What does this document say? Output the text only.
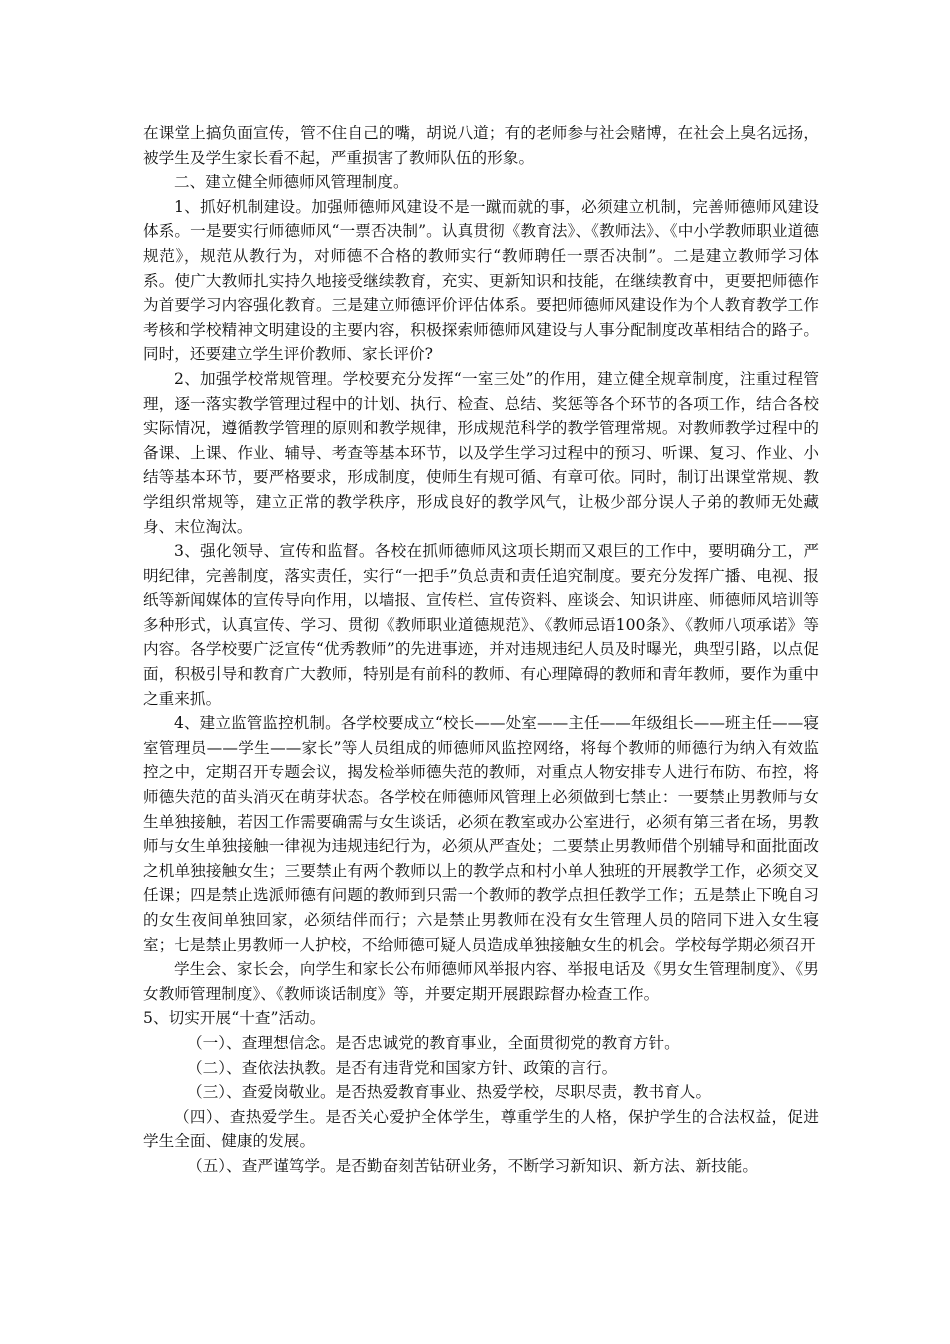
在课堂上搞负面宣传，管不住自己的嘴，胡说八道；有的老师参与社会赌博，在社会上臭名远扬，被学生及学生家长看不起，严重损害了教师队伍的形象。

二、建立健全师德师风管理制度。

1、抓好机制建设。加强师德师风建设不是一蹴而就的事，必须建立机制，完善师德师风建设体系。一是要实行师德师风“一票否决制”。认真贯彻《教育法》、《教师法》、《中小学教师职业道德规范》，规范从教行为，对师德不合格的教师实行“教师聘任一票否决制”。二是建立教师学习体系。使广大教师扎实持久地接受继续教育，充实、更新知识和技能，在继续教育中，更要把师德作为首要学习内容强化教育。三是建立师德评价评估体系。要把师德师风建设作为个人教育教学工作考核和学校精神文明建设的主要内容，积极探索师德师风建设与人事分配制度改革相结合的路子。同时，还要建立学生评价教师、家长评价?

2、加强学校常规管理。学校要充分发挥“一室三处”的作用，建立健全规章制度，注重过程管理，逐一落实教学管理过程中的计划、执行、检查、总结、奖惩等各个环节的各项工作，结合各校实际情况，遵循教学管理的原则和教学规律，形成规范科学的教学管理常规。对教师教学过程中的备课、上课、作业、辅导、考查等基本环节，以及学生学习过程中的预习、听课、复习、作业、小结等基本环节，要严格要求，形成制度，使师生有规可循、有章可依。同时，制订出课堂常规、教学组织常规等，建立正常的教学秩序，形成良好的教学风气，让极少部分误人子弟的教师无处藏身、末位淘汰。

3、强化领导、宣传和监督。各校在抓师德师风这项长期而又艰巨的工作中，要明确分工，严明纪律，完善制度，落实责任，实行“一把手”负总责和责任追究制度。要充分发挥广播、电视、报纸等新闻媒体的宣传导向作用，以墙报、宣传栏、宣传资料、座谈会、知识讲座、师德师风培训等多种形式，认真宣传、学习、贯彻《教师职业道德规范》、《教师忌语100条》、《教师八项承诺》等内容。各学校要广泛宣传“优秀教师”的先进事迹，并对违规违纪人员及时曝光，典型引路，以点促面，积极引导和教育广大教师，特别是有前科的教师、有心理障碍的教师和青年教师，要作为重中之重来抓。

4、建立监管监控机制。各学校要成立“校长——处室——主任——年级组长——班主任——寝室管理员——学生——家长”等人员组成的师德师风监控网络，将每个教师的师德行为纳入有效监控之中，定期召开专题会议，揭发检举师德失范的教师，对重点人物安排专人进行布防、布控，将师德失范的苗头消灭在萌芽状态。各学校在师德师风管理上必须做到七禁止：一要禁止男教师与女生单独接触，若因工作需要确需与女生谈话，必须在教室或办公室进行，必须有第三者在场，男教师与女生单独接触一律视为违规违纪行为，必须从严查处；二要禁止男教师借个别辅导和面批面改之机单独接触女生；三要禁止有两个教师以上的教学点和村小单人独班的开展教学工作，必须交叉任课；四是禁止选派师德有问题的教师到只需一个教师的教学点担任教学工作；五是禁止下晚自习的女生夜间单独回家，必须结伴而行；六是禁止男教师在没有女生管理人员的陪同下进入女生寝室；七是禁止男教师一人护校，不给师德可疑人员造成单独接触女生的机会。学校每学期必须召开

学生会、家长会，向学生和家长公布师德师风举报内容、举报电话及《男女生管理制度》、《男女教师管理制度》、《教师谈话制度》等，并要定期开展跟踪督办检查工作。

5、切实开展“十查”活动。

（一）、查理想信念。是否忠诚党的教育事业，全面贯彻党的教育方针。

（二）、查依法执教。是否有违背党和国家方针、政策的言行。

（三）、查爱岗敬业。是否热爱教育事业、热爱学校，尽职尽责，教书育人。

（四）、查热爱学生。是否关心爱护全体学生，尊重学生的人格，保护学生的合法权益，促进学生全面、健康的发展。

（五）、查严谨笃学。是否勤奋刻苦钻研业务，不断学习新知识、新方法、新技能。
